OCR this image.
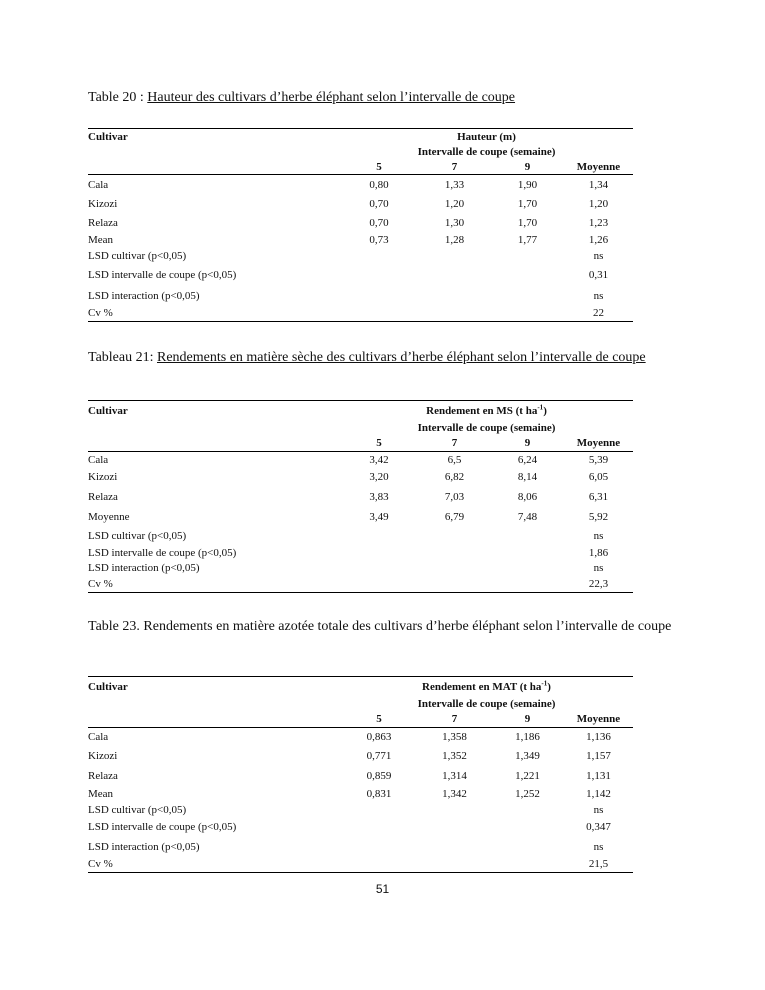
Table 20 : Hauteur des cultivars d’herbe éléphant selon l’intervalle de coupe
Cultivar	Hauteur (m)			
	Intervalle de coupe (semaine)			
	5	7	9	Moyenne
Cala	0,80	1,33	1,90	1,34
Kizozi	0,70	1,20	1,70	1,20
Relaza	0,70	1,30	1,70	1,23
Mean	0,73	1,28	1,77	1,26
LSD cultivar (p<0,05)				ns
LSD intervalle de coupe (p<0,05)				0,31
LSD interaction (p<0,05)				ns
Cv %				22
Tableau 21: Rendements en matière sèche des cultivars d’herbe éléphant selon l’intervalle de coupe
Cultivar	Rendement en MS (t $ha^{-1}$)			
	Intervalle de coupe (semaine)			
	5	7	9	Moyenne
Cala	3,42	6,5	6,24	5,39
Kizozi	3,20	6,82	8,14	6,05
Relaza	3,83	7,03	8,06	6,31
Moyenne	3,49	6,79	7,48	5,92
LSD cultivar (p<0,05)				ns
LSD intervalle de coupe (p<0,05)				1,86
LSD interaction (p<0,05)				ns
Cv %				22,3
Table 23. Rendements en matière azotée totale des cultivars d’herbe éléphant selon l’intervalle de coupe
Cultivar	Rendement en MAT (t $ha^{-1}$)			
	Intervalle de coupe (semaine)			
	5	7	9	Moyenne
Cala	0,863	1,358	1,186	1,136
Kizozi	0,771	1,352	1,349	1,157
Relaza	0,859	1,314	1,221	1,131
Mean	0,831	1,342	1,252	1,142
LSD cultivar (p<0,05)				ns
LSD intervalle de coupe (p<0,05)				0,347
LSD interaction (p<0,05)				ns
Cv %				21,5
51
